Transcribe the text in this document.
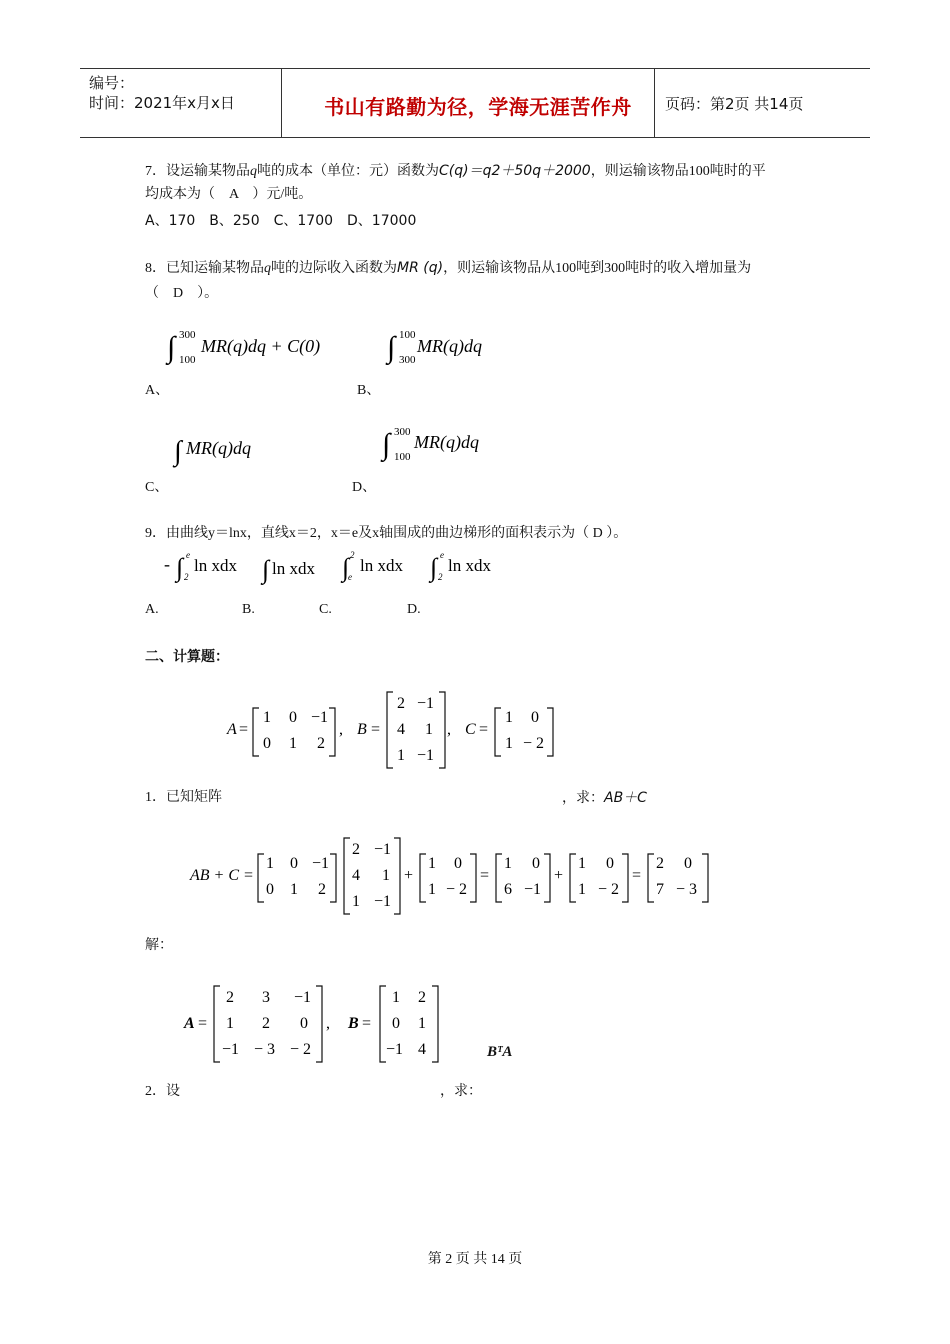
编号：
时间：2021年x月x日	书山有路勤为径，学海无涯苦作舟	页码：第2页 共14页
7．设运输某物品q吨的成本（单位：元）函数为C(q)＝q2＋50q＋2000，则运输该物品100吨时的平
均成本为（　A　）元/吨。
A、170　B、250　C、1700　D、17000
8．已知运输某物品q吨的边际收入函数为MR (q)，则运输该物品从100吨到300吨时的收入增加量为
（　D　）。
∫ 300
100
MR(q)dq + C(0) ∫ 100
300
MR(q)dq
A、	B、
∫ MR(q)dq	∫ 300
100
MR(q)dq
C、	D、
9．由曲线y＝lnx，直线x＝2，x＝e及x轴围成的曲边梯形的面积表示为（ D ）。
- ∫ e
2
ln xdx ∫ ln xdx ∫ 2
e
ln xdx ∫ e
2
ln xdx
A.	B.	C.	D.
二、计算题：
A =
1 0 −1
0 1 2
, B =
2 −1
4 1
1 −1
, C =
1 0
1 − 2
1．已知矩阵	，求：AB＋C
AB + C =
1 0 −1
0 1 2
2 −1
4 1
1 −1
+
1 0
1 − 2
=
1 0
6 −1
+
1 0
1 − 2
=
2 0
7 − 3
解：
A =
2 3 −1
1 2 0
−1 − 3 − 2
, B =
1 2
0 1
−1 4	BᵀA
2．设	，求：
第 2 页 共 14 页
